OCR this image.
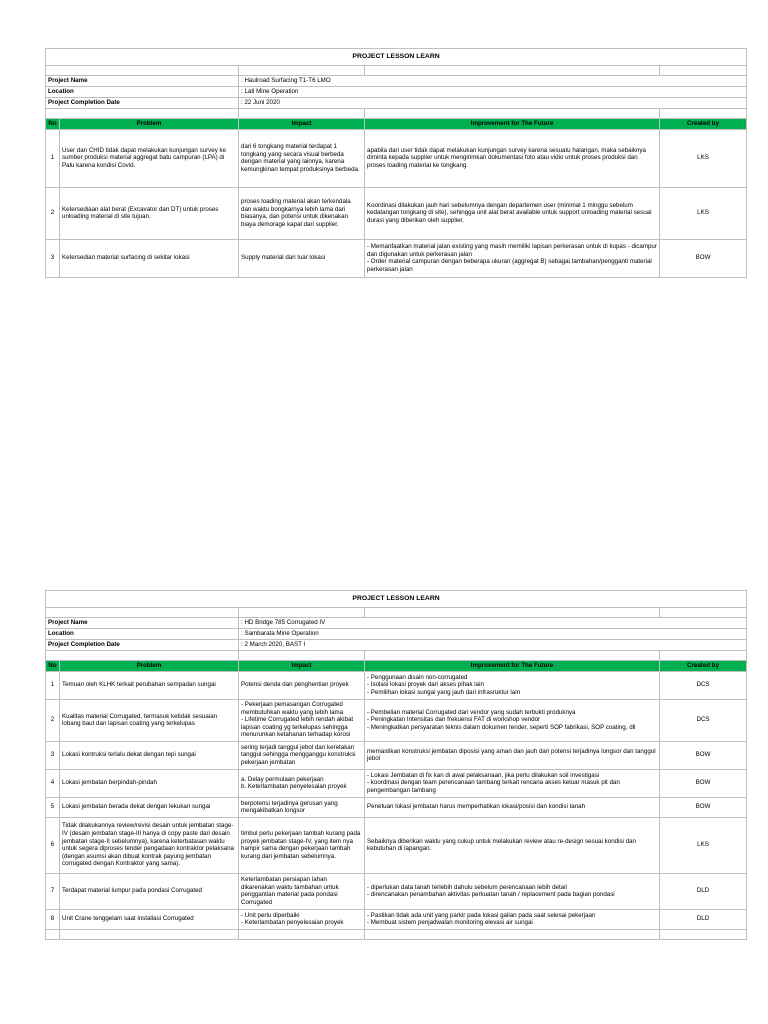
PROJECT LESSON LEARN				

Project Name		: Haulroad Surfacing T1-T6 LMO		
Location		: Lati Mine Operation		
Project Completion Date		: 22 Juni 2020		

No	Problem	Impact	Improvement for The Future	Created by
1	User dan CHID tidak dapat melakukan kunjungan survey ke sumber produksi material aggregat batu campuran (LPA) di Palu karena kondisi Covid.	dari 6 tongkang material terdapat 1 tongkang yang secara visual berbeda dengan material yang lainnya, karena kemungkinan tempat produksinya berbeda.	apabila dari user tidak dapat melakukan kunjungan survey karena sesuatu halangan, maka sebaiknya diminta kepada supplier untuk mengirimkan dokumentasi foto atau vidio untuk proses produksi dan proses loading material ke tongkang.	LKS
2	Ketersediaan alat berat (Excavator dan DT) untuk proses unloading material di site tujuan.	proses loading material akan terkendala dan waktu bongkarnya lebih lama dari biasanya, dan potensi untuk dikenakan biaya demorage kapal dari supplier.	Koordinasi dilakukan jauh hari sebelumnya dengan departemen user (minimal 1 minggu sebelum kedatangan tongkang di site), sehingga unit alat berat available untuk support unloading material sesuai durasi yang diberikan oleh supplier.	LKS
3	Ketersedian material surfacing di sekitar lokasi	Supply material dari luar lokasi	- Memanfaatkan material jalan existing yang masih memiliki lapisan perkerasan untuk di kupas - dicampur dan digunakan untuk perkerasan jalan
- Order material campuran dengan beberapa ukuran (aggregat B) sebagai tambahan/pengganti material perkerasan jalan	BOW
PROJECT LESSON LEARN				

Project Name		: HD Bridge 785 Corrugated IV		
Location		: Sambarata Mine Operation		
Project Completion Date		: 2 March 2020, BAST I		

No	Problem	Impact	Improvement for The Future	Created by
1	Temuan oleh KLHK terkait perubahan sempadan sungai	Potensi denda dan penghentian proyek	- Penggunaan disain non-corrugated
- Isolasi lokasi proyek dari akses pihak lain
- Pemilihan lokasi sungai yang jauh dari infrasruktur lain	DCS
2	Kualitas material Corrugated, termasuk ketidak sesuaian lobang baut dan lapisan coating yang terkelupas	- Pekerjaan pemasangan Corrugated membutuhkan waktu yang lebih lama
- Lifetime Corrugated lebih rendah akibat lapisan coating yg terkelupas sehingga menurunkan ketahanan terhadap korosi	- Pembelian material Corrugated dari vendor yang sudah terbukti produknya
- Peningkatan Intensitas dan frekuensi FAT di workshop vendor
- Meningkatkan persyaratan teknis dalam dokumen tender, seperti SOP fabrikasi, SOP coating, dll	DCS
3	Lokasi kontruksi terlalu dekat dengan tepi sungai	sering terjadi tanggul jebol dan keretakan tanggul sehingga mengganggu konstruksi pekerjaan jembatan	memastikan konstruksi jembatan diposisi yang aman dan jauh dari potensi terjadinya longsor dan tanggul jebol	BOW
4	Lokasi jembatan berpindah-pindah	a. Delay permulaan pekerjaan
b. Keterlambatan penyelesaian proyek	- Lokasi Jembatan di fix kan di awal pelaksanaan, jika perlu dilakukan soil investigasi
- koordinasi dengan team perencanaan tambang terkait rencana akses keluar masuk pit dan pengembangan tambang	BOW
5	Lokasi jembatan berada dekat dengan lekukan sungai	berpotensi terjadinya gerusan yang mengakibatkan longsor	Penetuan lokasi jembatan harus memperhatikan lokasi/posisi dan kondisi tanah	BOW
6	Tidak dilakukannya review/revisi desain untuk jembatan stage-IV (desain jembatan stage-III hanya di copy paste dari desain jembatan stage-II sebelumnya), karena keterbatasan waktu untuk segera diproses tender pengadaan kontraktor pelaksana (dengan asumsi akan dibuat kontrak payung jembatan corrugated dengan Kontraktor yang sama).	timbul perlu pekerjaan tambah kurang pada proyek jembatan stage-IV, yang item nya hampir sama dengan pekerjaan tambah kurang dari jembatan sebelumnya.	Sebaiknya diberikan waktu yang cukup untuk melakukan review atau re-design sesuai kondisi dan kebutuhan di lapangan.	LKS
7	Terdapat material lumpur pada pondasi Corrugated	Keterlambatan persiapan lahan dikarenakan waktu tambahan untuk penggantian material pada pondasi Corrugated	- diperlukan data tanah terlebih dahulu sebelum perencanaan lebih detail
- direncanakan penambahan aktivitas perkuatan tanah / replacement pada bagian pondasi	DLD
8	Unit Crane tenggelam saat installasi Corrugated	- Unit perlu diperbaiki
- Keterlambatan penyelesaian proyek	- Pastikan tidak ada unit yang parkir pada lokasi galian pada saat selesai pekerjaan
- Membuat sistem penjadwalan monitoring elevasi air sungai	DLD
